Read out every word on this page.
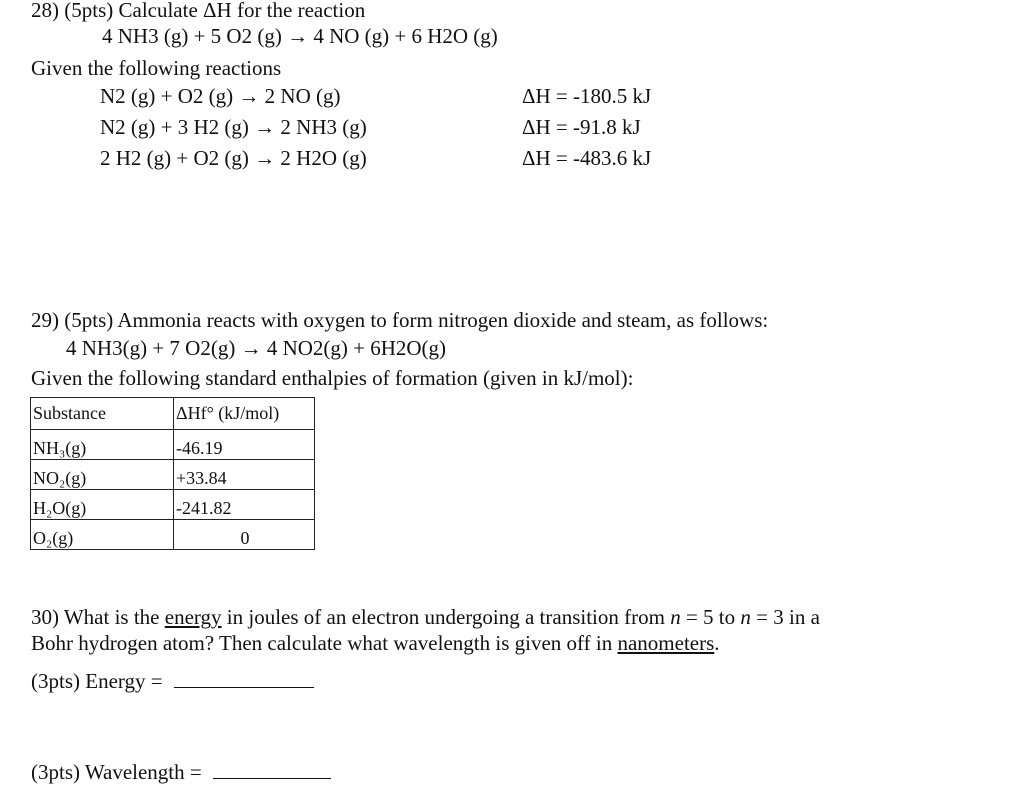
28) (5pts) Calculate ΔH for the reaction
4 NH3 (g) + 5 O2 (g) → 4 NO (g) + 6 H2O (g)
Given the following reactions
N2 (g) + O2 (g) → 2 NO (g)	ΔH = -180.5 kJ
N2 (g) + 3 H2 (g) → 2 NH3 (g)	ΔH = -91.8 kJ
2 H2 (g) + O2 (g) → 2 H2O (g)	ΔH = -483.6 kJ
29) (5pts) Ammonia reacts with oxygen to form nitrogen dioxide and steam, as follows:
4 NH3(g) + 7 O2(g) → 4 NO2(g) + 6H2O(g)
Given the following standard enthalpies of formation (given in kJ/mol):
Substance	ΔHf° (kJ/mol)
NH₃(g)	-46.19
NO₂(g)	+33.84
H₂O(g)	-241.82
O₂(g)	0
30) What is the energy in joules of an electron undergoing a transition from n = 5 to n = 3 in a
Bohr hydrogen atom? Then calculate what wavelength is given off in nanometers.
(3pts) Energy =
(3pts) Wavelength =
